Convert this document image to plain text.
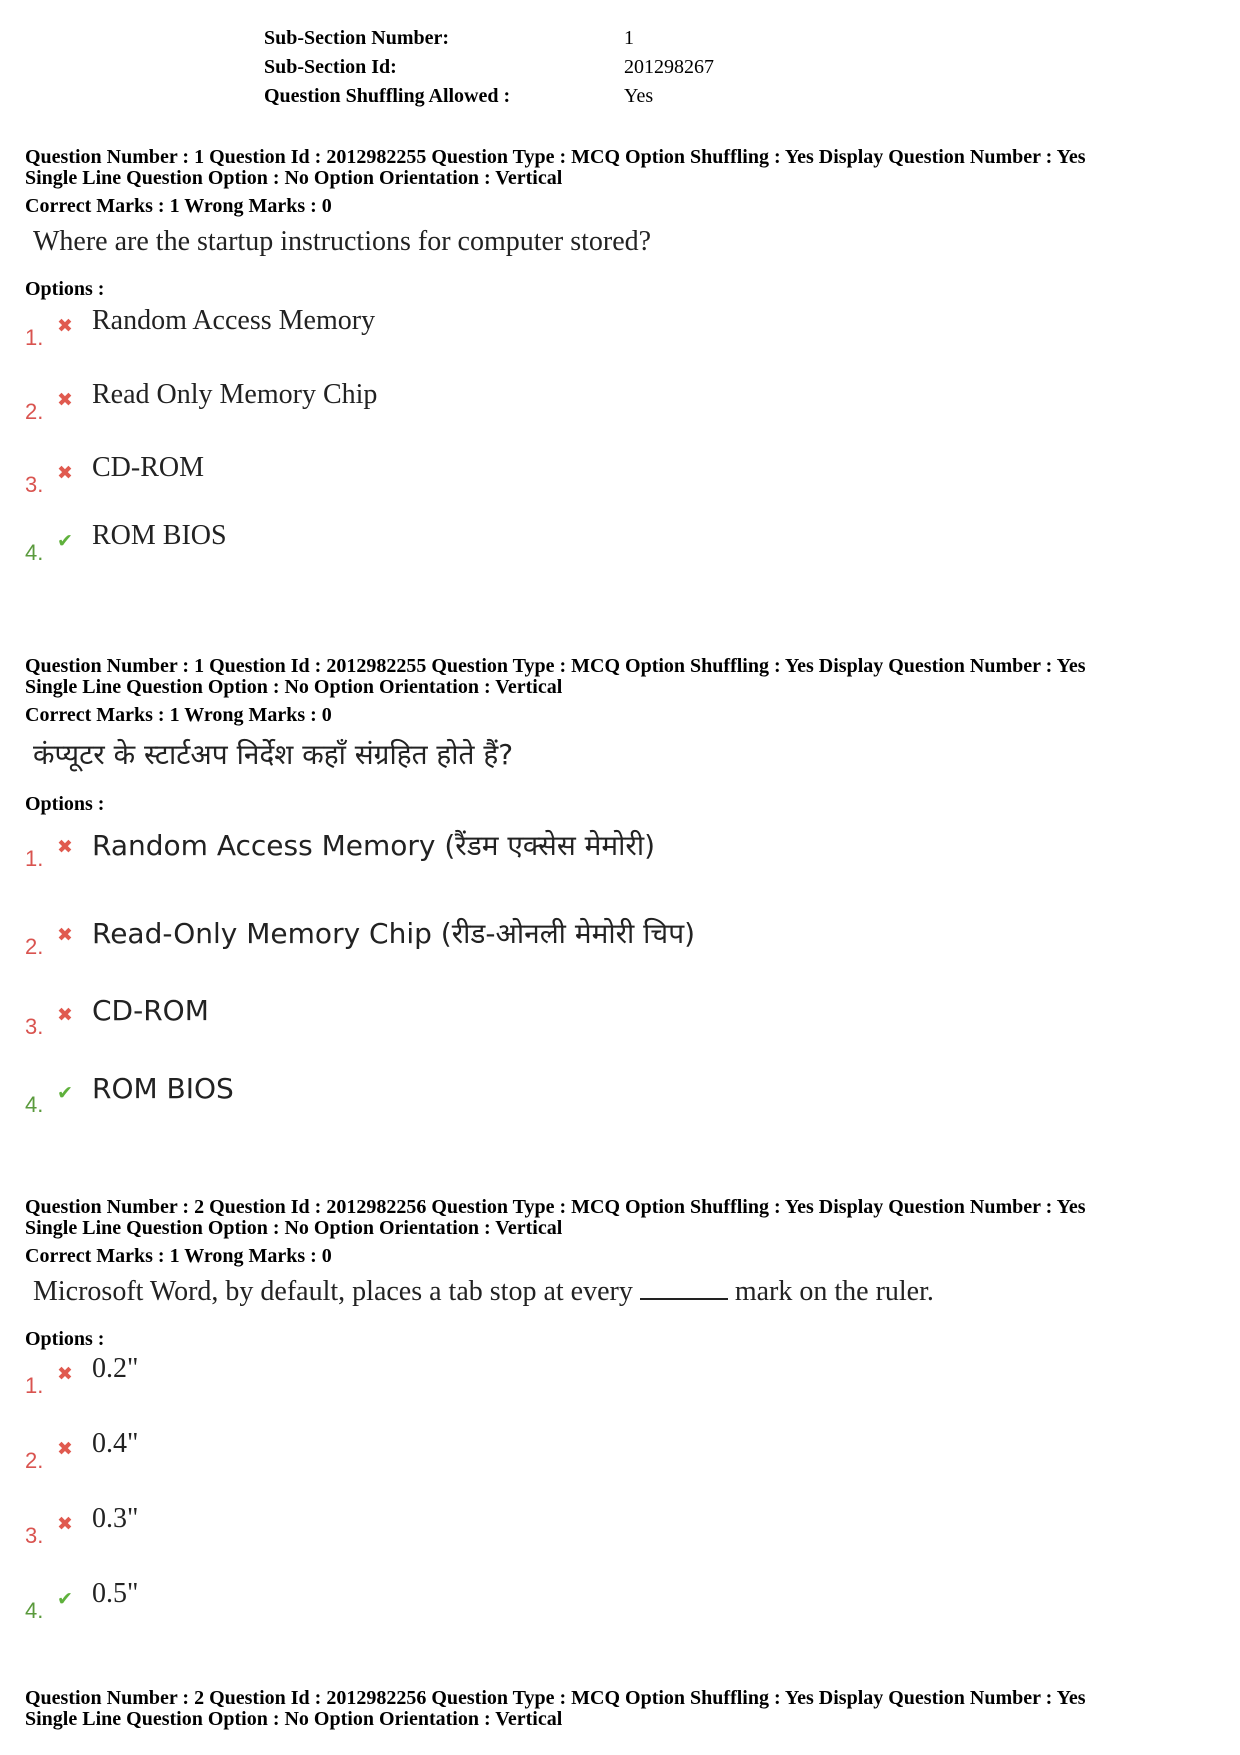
Sub-Section Number:	1
Sub-Section Id:	201298267
Question Shuffling Allowed :	Yes
Question Number : 1 Question Id : 2012982255 Question Type : MCQ Option Shuffling : Yes Display Question Number : Yes
Single Line Question Option : No Option Orientation : Vertical
Correct Marks : 1 Wrong Marks : 0
Where are the startup instructions for computer stored?
Options :
1. ✖ Random Access Memory
2. ✖ Read Only Memory Chip
3. ✖ CD-ROM
4. ✔ ROM BIOS
Question Number : 1 Question Id : 2012982255 Question Type : MCQ Option Shuffling : Yes Display Question Number : Yes
Single Line Question Option : No Option Orientation : Vertical
Correct Marks : 1 Wrong Marks : 0
कंप्यूटर के स्टार्टअप निर्देश कहाँ संग्रहित होते हैं?
Options :
1. ✖ Random Access Memory (रैंडम एक्सेस मेमोरी)
2. ✖ Read-Only Memory Chip (रीड-ओनली मेमोरी चिप)
3. ✖ CD-ROM
4. ✔ ROM BIOS
Question Number : 2 Question Id : 2012982256 Question Type : MCQ Option Shuffling : Yes Display Question Number : Yes
Single Line Question Option : No Option Orientation : Vertical
Correct Marks : 1 Wrong Marks : 0
Microsoft Word, by default, places a tab stop at every	mark on the ruler.
Options :
1. ✖ 0.2"
2. ✖ 0.4"
3. ✖ 0.3"
4. ✔ 0.5"
Question Number : 2 Question Id : 2012982256 Question Type : MCQ Option Shuffling : Yes Display Question Number : Yes
Single Line Question Option : No Option Orientation : Vertical
